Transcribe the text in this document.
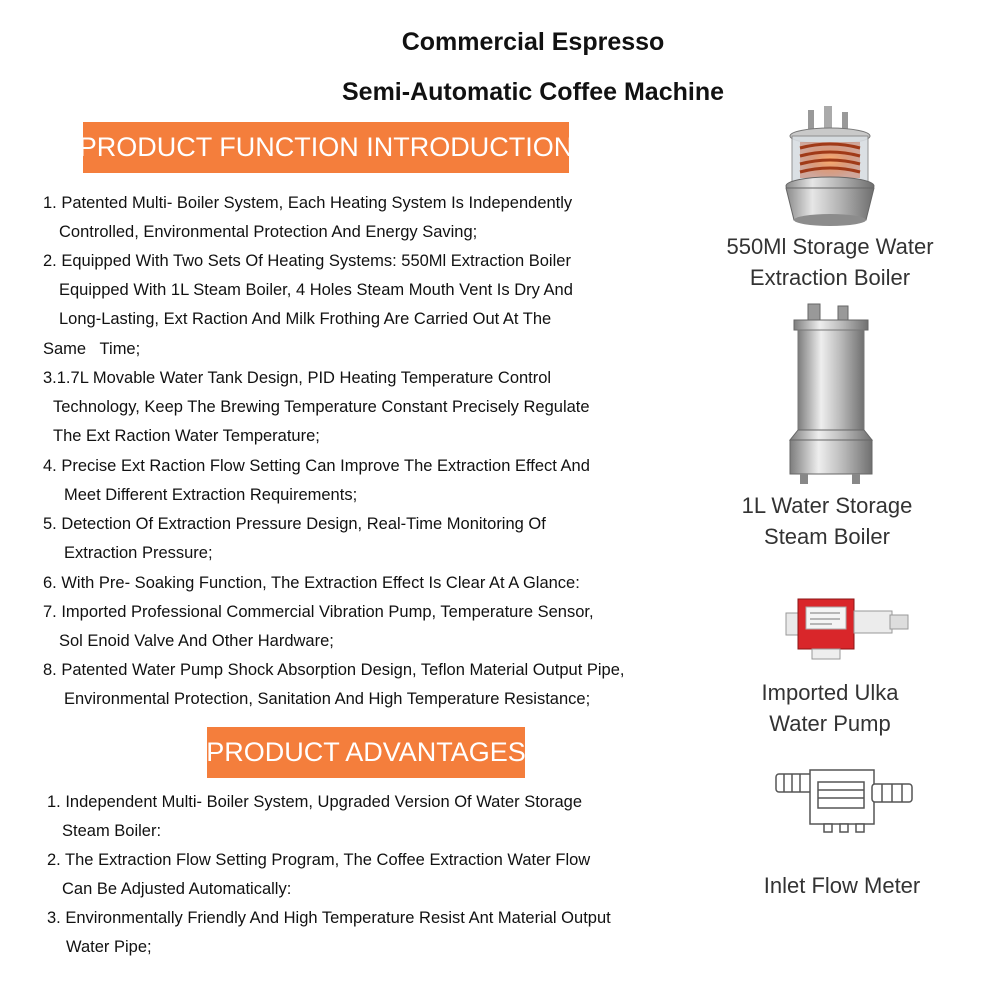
Commercial Espresso
Semi-Automatic Coffee Machine
PRODUCT FUNCTION INTRODUCTION
1. Patented Multi- Boiler System, Each Heating System Is Independently
Controlled, Environmental Protection And Energy Saving;
2. Equipped With Two Sets Of Heating Systems: 550Ml Extraction Boiler
Equipped With 1L Steam Boiler, 4 Holes Steam Mouth Vent Is Dry And
Long-Lasting, Ext Raction And Milk Frothing Are Carried Out At The
Same   Time;
3.1.7L Movable Water Tank Design, PID Heating Temperature Control
Technology, Keep The Brewing Temperature Constant Precisely Regulate
The Ext Raction Water Temperature;
4. Precise Ext Raction Flow Setting Can Improve The Extraction Effect And
Meet Different Extraction Requirements;
5. Detection Of Extraction Pressure Design, Real-Time Monitoring Of
Extraction Pressure;
6. With Pre- Soaking Function, The Extraction Effect Is Clear At A Glance:
7. Imported Professional Commercial Vibration Pump, Temperature Sensor,
Sol Enoid Valve And Other Hardware;
8. Patented Water Pump Shock Absorption Design, Teflon Material Output Pipe,
Environmental Protection, Sanitation And High Temperature Resistance;
PRODUCT ADVANTAGES
1. Independent Multi- Boiler System, Upgraded Version Of Water Storage
Steam Boiler:
2. The Extraction Flow Setting Program, The Coffee Extraction Water Flow
Can Be Adjusted Automatically:
3. Environmentally Friendly And High Temperature Resist Ant Material Output
Water Pipe;
550Ml Storage Water
Extraction Boiler
1L Water Storage
Steam Boiler
Imported Ulka
Water Pump
Inlet Flow Meter
